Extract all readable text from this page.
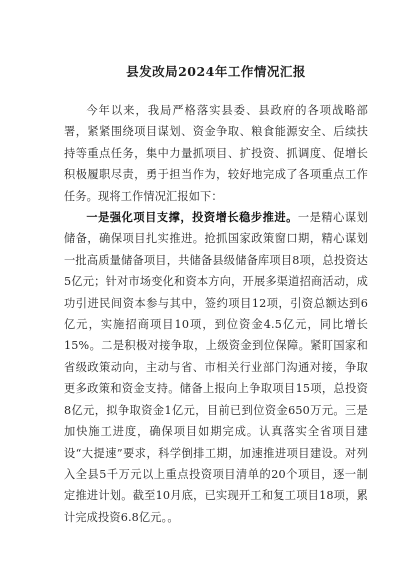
县发改局2024年工作情况汇报

今年以来，我局严格落实县委、县政府的各项战略部署，紧紧围绕项目谋划、资金争取、粮食能源安全、后续扶持等重点任务，集中力量抓项目、扩投资、抓调度、促增长积极履职尽责，勇于担当作为，较好地完成了各项重点工作任务。现将工作情况汇报如下：

一是强化项目支撑，投资增长稳步推进。一是精心谋划储备，确保项目扎实推进。抢抓国家政策窗口期，精心谋划一批高质量储备项目，共储备县级储备库项目8项，总投资达5亿元；针对市场变化和资本方向，开展多渠道招商活动，成功引进民间资本参与其中，签约项目12项，引资总额达到6亿元，实施招商项目10项，到位资金4.5亿元，同比增长15%。二是积极对接争取，上级资金到位保障。紧盯国家和省级政策动向，主动与省、市相关行业部门沟通对接，争取更多政策和资金支持。储备上报向上争取项目15项，总投资8亿元，拟争取资金1亿元，目前已到位资金650万元。三是加快施工进度，确保项目如期完成。认真落实全省项目建设“大提速”要求，科学倒排工期，加速推进项目建设。对列入全县5千万元以上重点投资项目清单的20个项目，逐一制定推进计划。截至10月底，已实现开工和复工项目18项，累计完成投资6.8亿元。。
